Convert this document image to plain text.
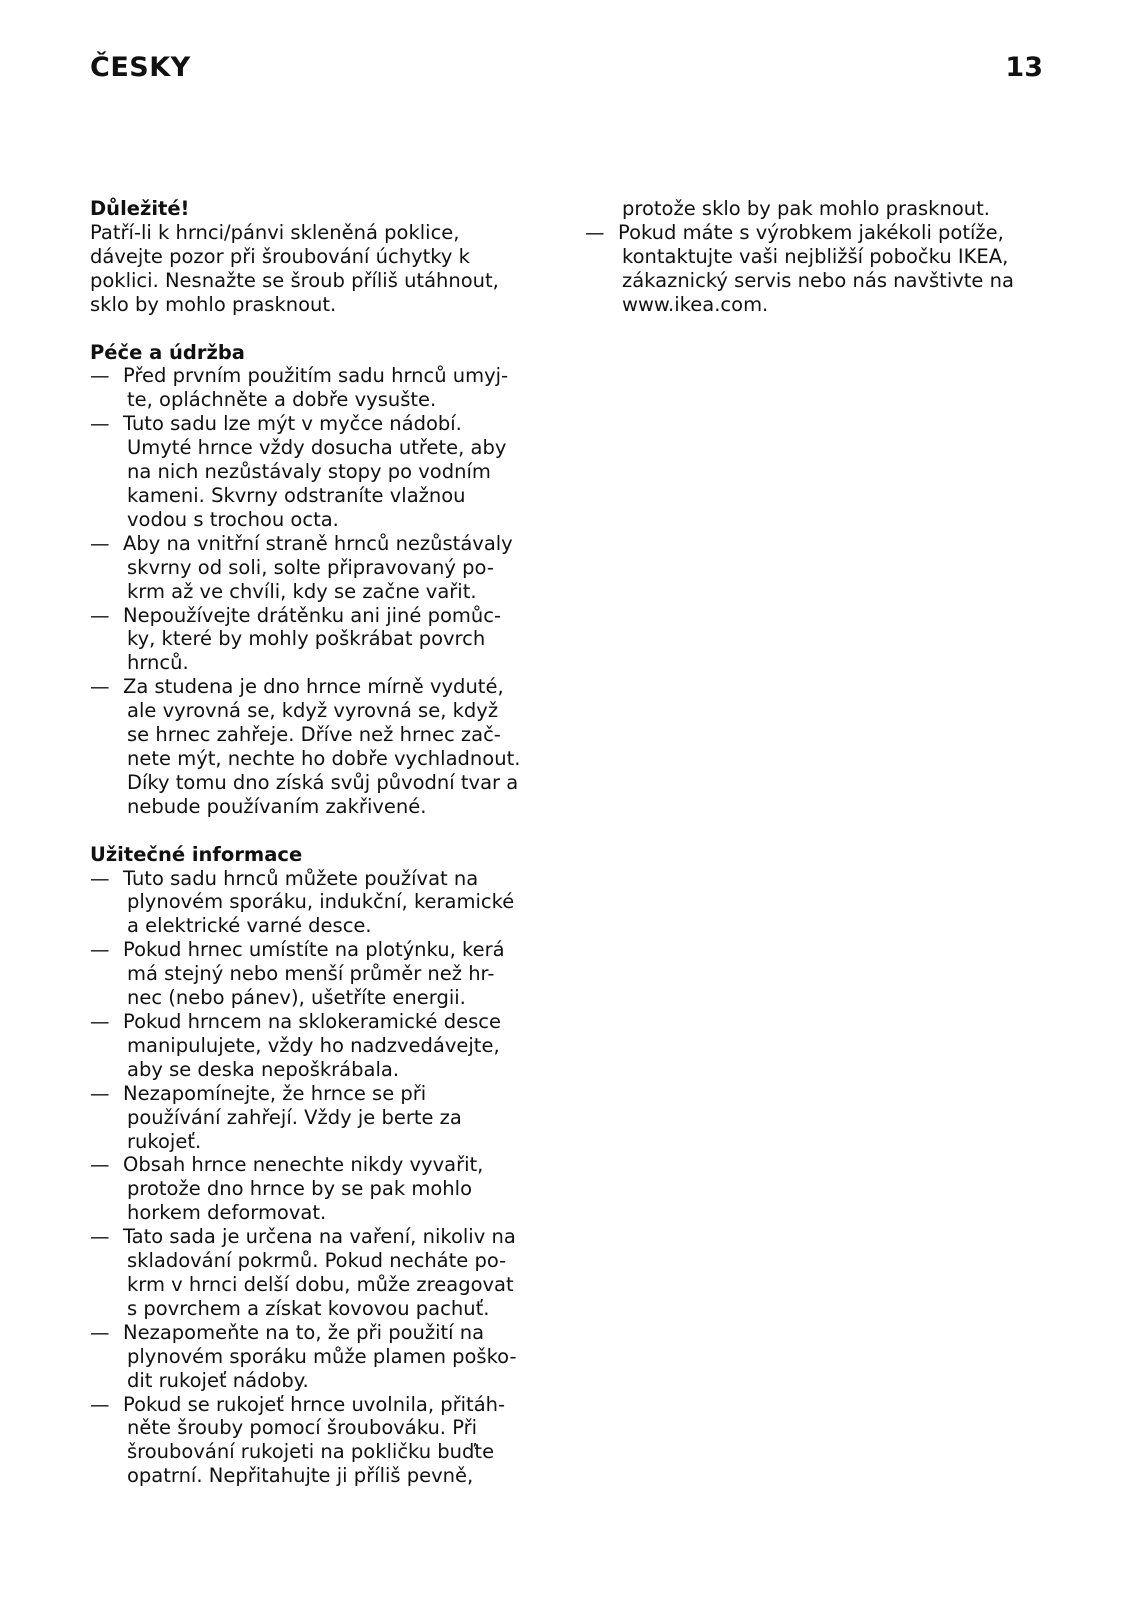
ČESKY	13
Důležité!
Patří-li k hrnci/pánvi skleněná poklice,
dávejte pozor při šroubování úchytky k
poklici. Nesnažte se šroub příliš utáhnout,
sklo by mohlo prasknout.
Péče a údržba
— Před prvním použitím sadu hrnců umyj-
te, opláchněte a dobře vysušte.
— Tuto sadu lze mýt v myčce nádobí.
Umyté hrnce vždy dosucha utřete, aby
na nich nezůstávaly stopy po vodním
kameni. Skvrny odstraníte vlažnou
vodou s trochou octa.
— Aby na vnitřní straně hrnců nezůstávaly
skvrny od soli, solte připravovaný po-
krm až ve chvíli, kdy se začne vařit.
— Nepoužívejte drátěnku ani jiné pomůc-
ky, které by mohly poškrábat povrch
hrnců.
— Za studena je dno hrnce mírně vyduté,
ale vyrovná se, když vyrovná se, když
se hrnec zahřeje. Dříve než hrnec zač-
nete mýt, nechte ho dobře vychladnout.
Díky tomu dno získá svůj původní tvar a
nebude používaním zakřivené.
Užitečné informace
— Tuto sadu hrnců můžete používat na
plynovém sporáku, indukční, keramické
a elektrické varné desce.
— Pokud hrnec umístíte na plotýnku, kerá
má stejný nebo menší průměr než hr-
nec (nebo pánev), ušetříte energii.
— Pokud hrncem na sklokeramické desce
manipulujete, vždy ho nadzvedávejte,
aby se deska nepoškrábala.
— Nezapomínejte, že hrnce se při
používání zahřejí. Vždy je berte za
rukojeť.
— Obsah hrnce nenechte nikdy vyvařit,
protože dno hrnce by se pak mohlo
horkem deformovat.
— Tato sada je určena na vaření, nikoliv na
skladování pokrmů. Pokud necháte po-
krm v hrnci delší dobu, může zreagovat
s povrchem a získat kovovou pachuť.
— Nezapomeňte na to, že při použití na
plynovém sporáku může plamen poško-
dit rukojeť nádoby.
— Pokud se rukojeť hrnce uvolnila, přitáh-
něte šrouby pomocí šroubováku. Při
šroubování rukojeti na pokličku buďte
opatrní. Nepřitahujte ji příliš pevně,
protože sklo by pak mohlo prasknout.
— Pokud máte s výrobkem jakékoli potíže,
kontaktujte vaši nejbližší pobočku IKEA,
zákaznický servis nebo nás navštivte na
www.ikea.com.
